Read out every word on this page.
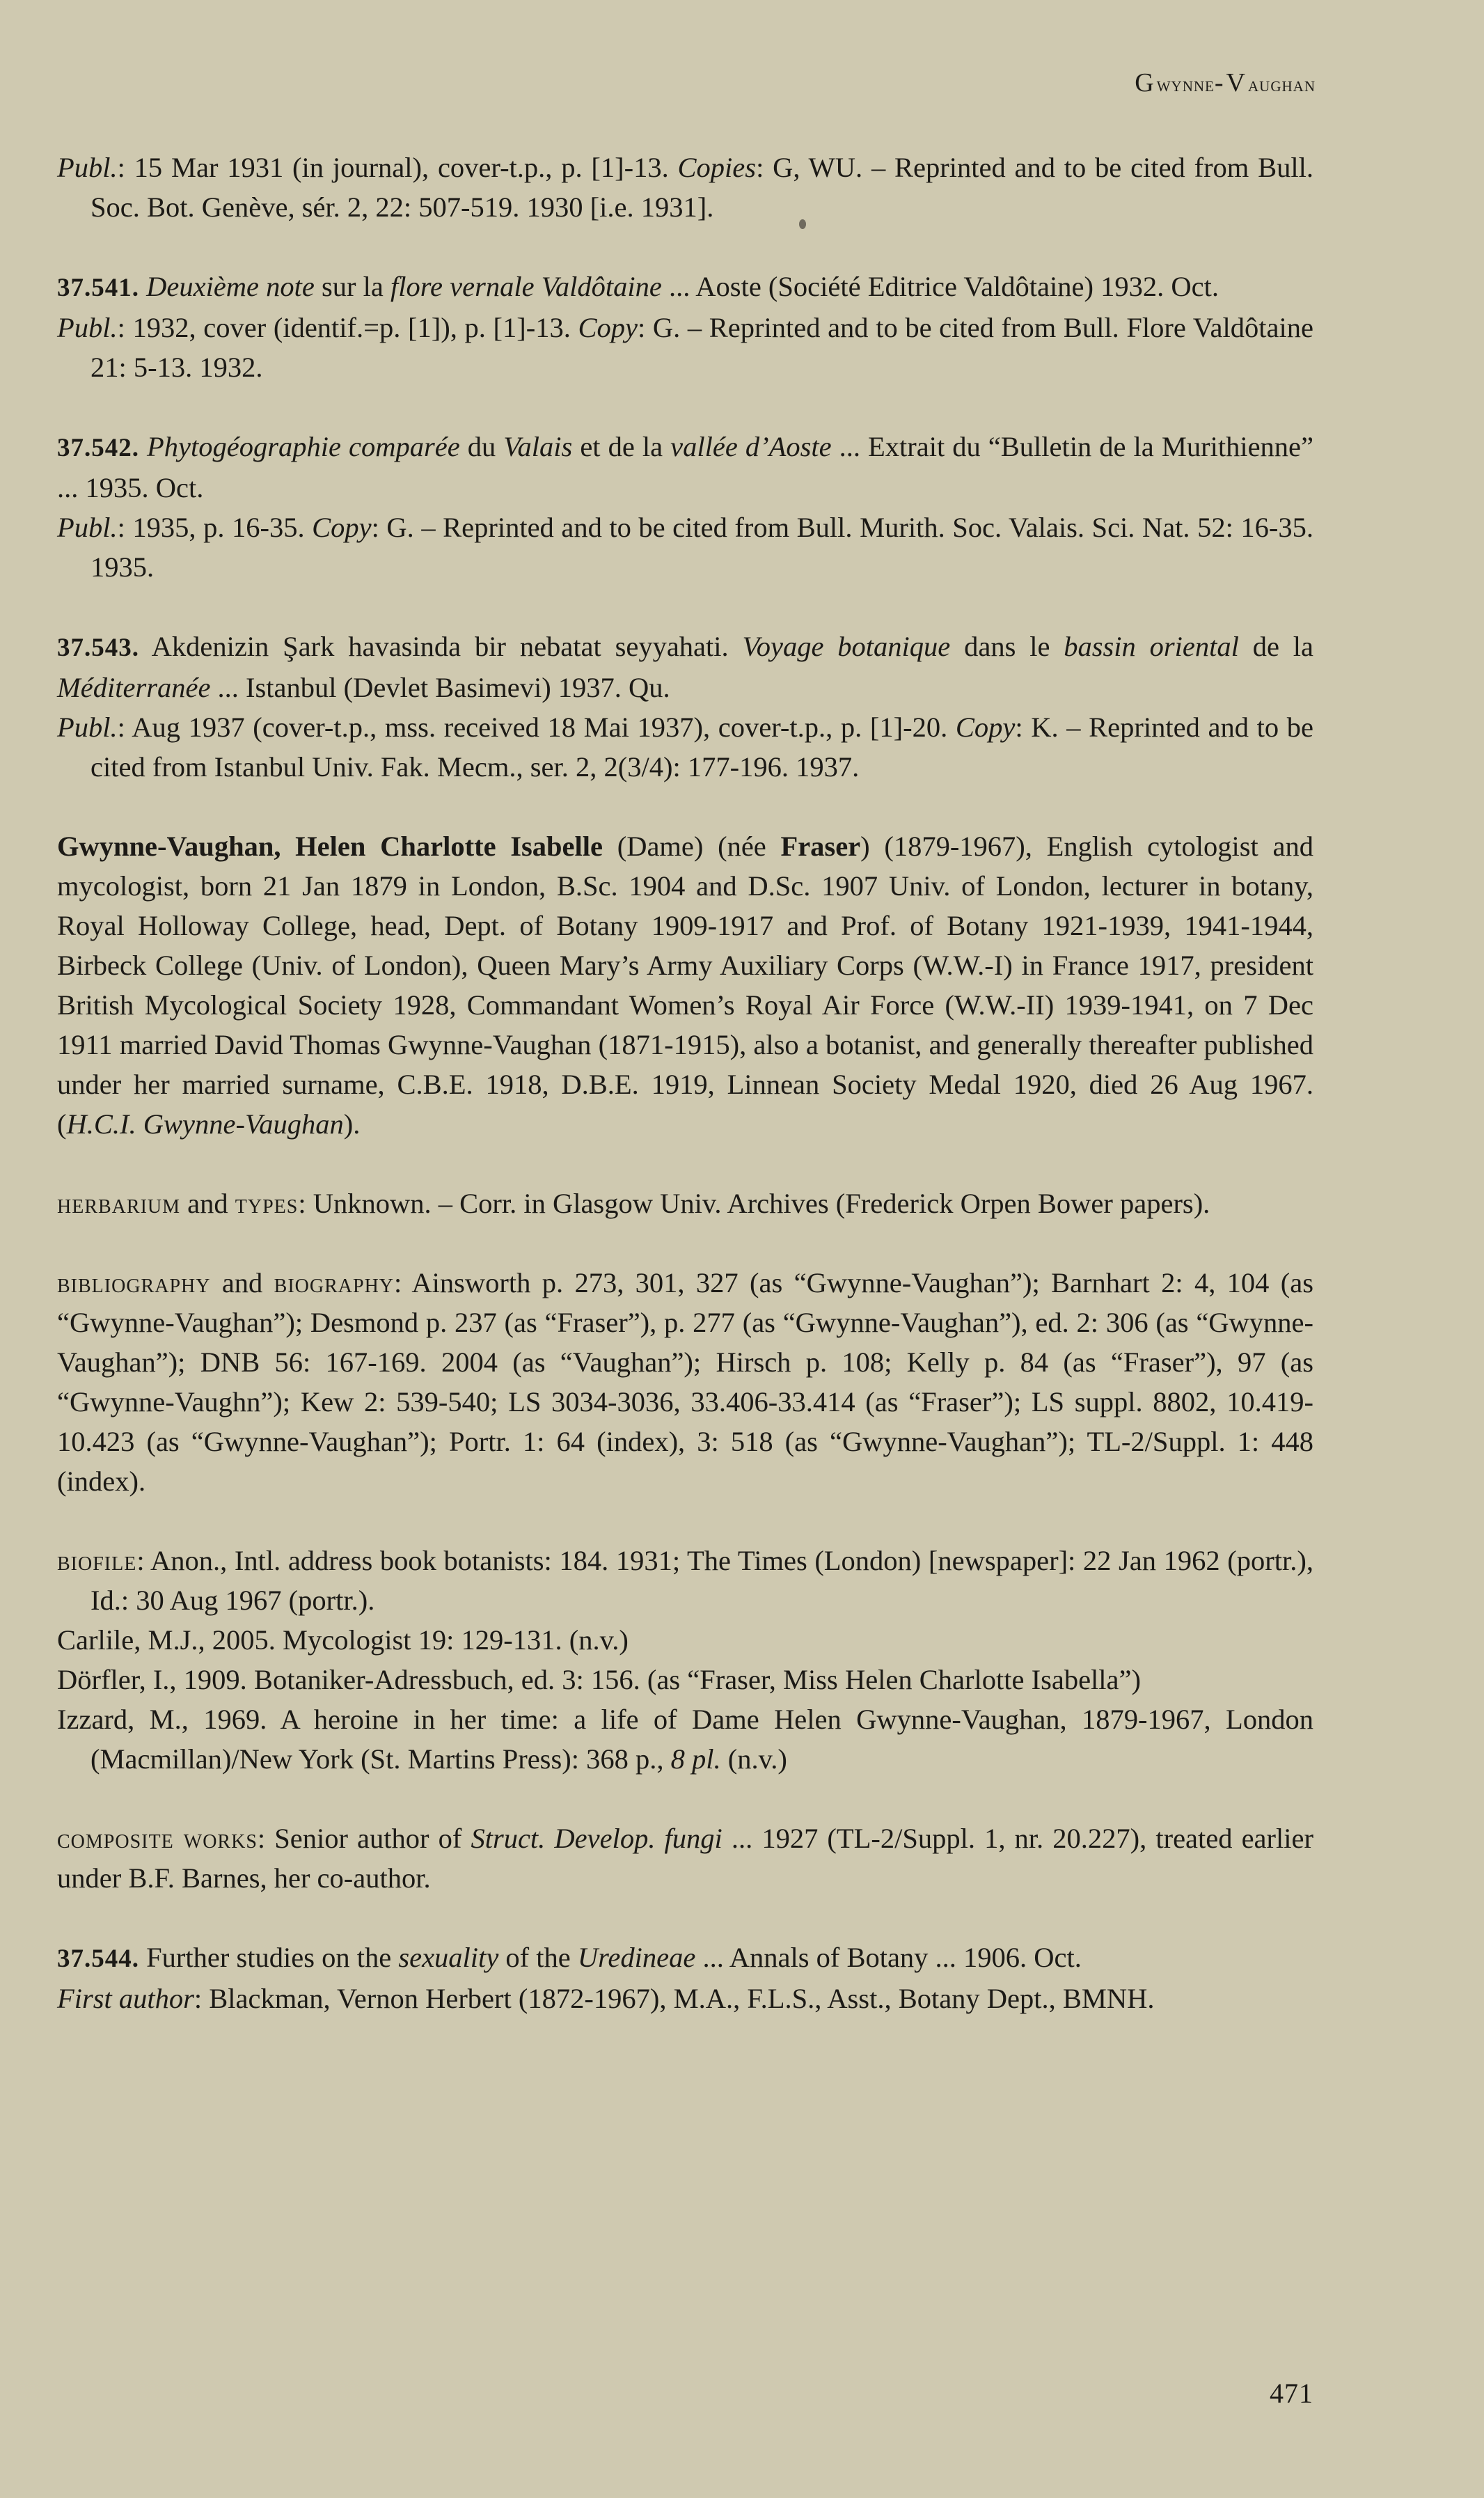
Gwynne-Vaughan

Publ.: 15 Mar 1931 (in journal), cover-t.p., p. [1]-13. Copies: G, WU. – Reprinted and to be cited from Bull. Soc. Bot. Genève, sér. 2, 22: 507-519. 1930 [i.e. 1931].

37.541. Deuxième note sur la flore vernale Valdôtaine ... Aoste (Société Editrice Valdôtaine) 1932. Oct.

Publ.: 1932, cover (identif.=p. [1]), p. [1]-13. Copy: G. – Reprinted and to be cited from Bull. Flore Valdôtaine 21: 5-13. 1932.

37.542. Phytogéographie comparée du Valais et de la vallée d’Aoste ... Extrait du “Bulletin de la Murithienne” ... 1935. Oct.

Publ.: 1935, p. 16-35. Copy: G. – Reprinted and to be cited from Bull. Murith. Soc. Valais. Sci. Nat. 52: 16-35. 1935.

37.543. Akdenizin Şark havasinda bir nebatat seyyahati. Voyage botanique dans le bassin oriental de la Méditerranée ... Istanbul (Devlet Basimevi) 1937. Qu.

Publ.: Aug 1937 (cover-t.p., mss. received 18 Mai 1937), cover-t.p., p. [1]-20. Copy: K. – Reprinted and to be cited from Istanbul Univ. Fak. Mecm., ser. 2, 2(3/4): 177-196. 1937.

Gwynne-Vaughan, Helen Charlotte Isabelle (Dame) (née Fraser) (1879-1967), English cytologist and mycologist, born 21 Jan 1879 in London, B.Sc. 1904 and D.Sc. 1907 Univ. of London, lecturer in botany, Royal Holloway College, head, Dept. of Botany 1909-1917 and Prof. of Botany 1921-1939, 1941-1944, Birbeck College (Univ. of London), Queen Mary’s Army Auxiliary Corps (W.W.-I) in France 1917, president British Mycological Society 1928, Commandant Women’s Royal Air Force (W.W.-II) 1939-1941, on 7 Dec 1911 married David Thomas Gwynne-Vaughan (1871-1915), also a botanist, and generally thereafter published under her married surname, C.B.E. 1918, D.B.E. 1919, Linnean Society Medal 1920, died 26 Aug 1967. (H.C.I. Gwynne-Vaughan).

herbarium and types: Unknown. – Corr. in Glasgow Univ. Archives (Frederick Orpen Bower papers).

bibliography and biography: Ainsworth p. 273, 301, 327 (as “Gwynne-Vaughan”); Barnhart 2: 4, 104 (as “Gwynne-Vaughan”); Desmond p. 237 (as “Fraser”), p. 277 (as “Gwynne-Vaughan”), ed. 2: 306 (as “Gwynne-Vaughan”); DNB 56: 167-169. 2004 (as “Vaughan”); Hirsch p. 108; Kelly p. 84 (as “Fraser”), 97 (as “Gwynne-Vaughn”); Kew 2: 539-540; LS 3034-3036, 33.406-33.414 (as “Fraser”); LS suppl. 8802, 10.419-10.423 (as “Gwynne-Vaughan”); Portr. 1: 64 (index), 3: 518 (as “Gwynne-Vaughan”); TL-2/Suppl. 1: 448 (index).

biofile: Anon., Intl. address book botanists: 184. 1931; The Times (London) [newspaper]: 22 Jan 1962 (portr.), Id.: 30 Aug 1967 (portr.).

Carlile, M.J., 2005. Mycologist 19: 129-131. (n.v.)

Dörfler, I., 1909. Botaniker-Adressbuch, ed. 3: 156. (as “Fraser, Miss Helen Charlotte Isabella”)

Izzard, M., 1969. A heroine in her time: a life of Dame Helen Gwynne-Vaughan, 1879-1967, London (Macmillan)/New York (St. Martins Press): 368 p., 8 pl. (n.v.)

composite works: Senior author of Struct. Develop. fungi ... 1927 (TL-2/Suppl. 1, nr. 20.227), treated earlier under B.F. Barnes, her co-author.

37.544. Further studies on the sexuality of the Uredineae ... Annals of Botany ... 1906. Oct.

First author: Blackman, Vernon Herbert (1872-1967), M.A., F.L.S., Asst., Botany Dept., BMNH.

471
